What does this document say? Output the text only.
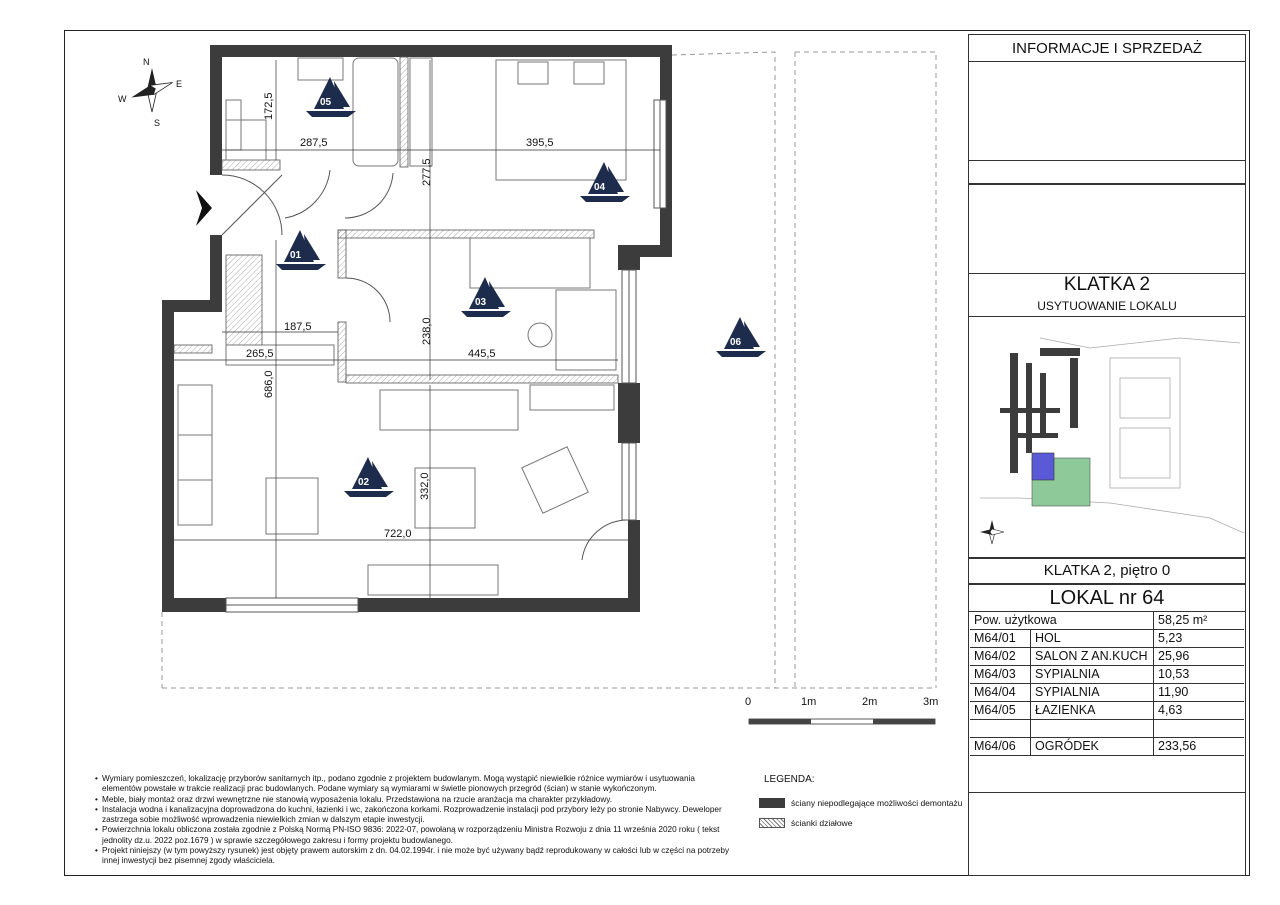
172,5
287,5	395,5
277,5
187,5	238,0
265,5	445,5
686,0
332,0
722,0
01
02
03
04
05
06
N
E
S
W
0	1m	2m	3m
INFORMACJE I SPRZEDAŻ
KLATKA 2
USYTUOWANIE LOKALU
KLATKA 2, piętro 0
LOKAL nr 64
Pow. użytkowa		58,25 m²
M64/01	HOL	5,23
M64/02	SALON Z AN.KUCH	25,96
M64/03	SYPIALNIA	10,53
M64/04	SYPIALNIA	11,90
M64/05	ŁAZIENKA	4,63

M64/06	OGRÓDEK	233,56
• Wymiary pomieszczeń, lokalizację przyborów sanitarnych itp., podano zgodnie z projektem budowlanym. Mogą wystąpić niewielkie różnice wymiarów i usytuowania elementów powstałe w trakcie realizacji prac budowlanych. Podane wymiary są wymiarami w świetle pionowych przegród (ścian) w stanie wykończonym.
• Meble, biały montaż oraz drzwi wewnętrzne nie stanowią wyposażenia lokalu. Przedstawiona na rzucie aranżacja ma charakter przykładowy.
• Instalacja wodna i kanalizacyjna doprowadzona do kuchni, łazienki i wc, zakończona korkami. Rozprowadzenie instalacji pod przybory leży po stronie Nabywcy. Deweloper zastrzega sobie możliwość wprowadzenia niewielkich zmian w dalszym etapie inwestycji.
• Powierzchnia lokalu obliczona została zgodnie z Polską Normą PN-ISO 9836: 2022-07, powołaną w rozporządzeniu Ministra Rozwoju z dnia 11 września 2020 roku ( tekst jednolity dz.u. 2022 poz.1679 ) w sprawie szczegółowego zakresu i formy projektu budowlanego.
• Projekt niniejszy (w tym powyższy rysunek) jest objęty prawem autorskim z dn. 04.02.1994r. i nie może być używany bądź reprodukowany w całości lub w części na potrzeby innej inwestycji bez pisemnej zgody właściciela.
LEGENDA:
ściany niepodlegające możliwości demontażu
ścianki działowe
